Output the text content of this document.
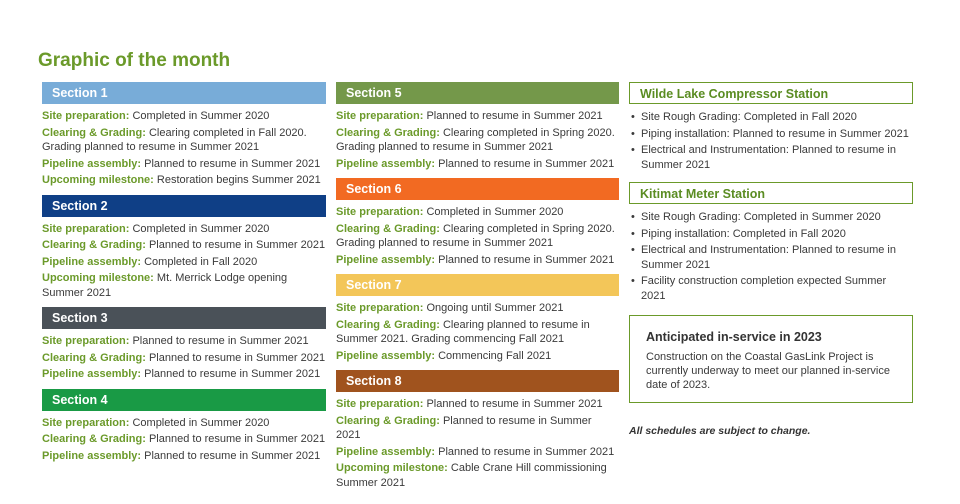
Graphic of the month
Section 1
Site preparation: Completed in Summer 2020
Clearing & Grading: Clearing completed in Fall 2020. Grading planned to resume in Summer 2021
Pipeline assembly: Planned to resume in Summer 2021
Upcoming milestone: Restoration begins Summer 2021
Section 2
Site preparation: Completed in Summer 2020
Clearing & Grading: Planned to resume in Summer 2021
Pipeline assembly: Completed in Fall 2020
Upcoming milestone: Mt. Merrick Lodge opening Summer 2021
Section 3
Site preparation: Planned to resume in Summer 2021
Clearing & Grading: Planned to resume in Summer 2021
Pipeline assembly: Planned to resume in Summer 2021
Section 4
Site preparation: Completed in Summer 2020
Clearing & Grading: Planned to resume in Summer 2021
Pipeline assembly: Planned to resume in Summer 2021
Section 5
Site preparation: Planned to resume in Summer 2021
Clearing & Grading: Clearing completed in Spring 2020. Grading planned to resume in Summer 2021
Pipeline assembly: Planned to resume in Summer 2021
Section 6
Site preparation: Completed in Summer 2020
Clearing & Grading: Clearing completed in Spring 2020. Grading planned to resume in Summer 2021
Pipeline assembly: Planned to resume in Summer 2021
Section 7
Site preparation: Ongoing until Summer 2021
Clearing & Grading: Clearing planned to resume in Summer 2021. Grading commencing Fall 2021
Pipeline assembly: Commencing Fall 2021
Section 8
Site preparation: Planned to resume in Summer 2021
Clearing & Grading: Planned to resume in Summer 2021
Pipeline assembly: Planned to resume in Summer 2021
Upcoming milestone: Cable Crane Hill commissioning Summer 2021
Wilde Lake Compressor Station
• Site Rough Grading: Completed in Fall 2020
• Piping installation: Planned to resume in Summer 2021
• Electrical and Instrumentation: Planned to resume in Summer 2021
Kitimat Meter Station
• Site Rough Grading: Completed in Summer 2020
• Piping installation: Completed in Fall 2020
• Electrical and Instrumentation: Planned to resume in Summer 2021
• Facility construction completion expected Summer 2021
Anticipated in-service in 2023
Construction on the Coastal GasLink Project is currently underway to meet our planned in-service date of 2023.
All schedules are subject to change.
